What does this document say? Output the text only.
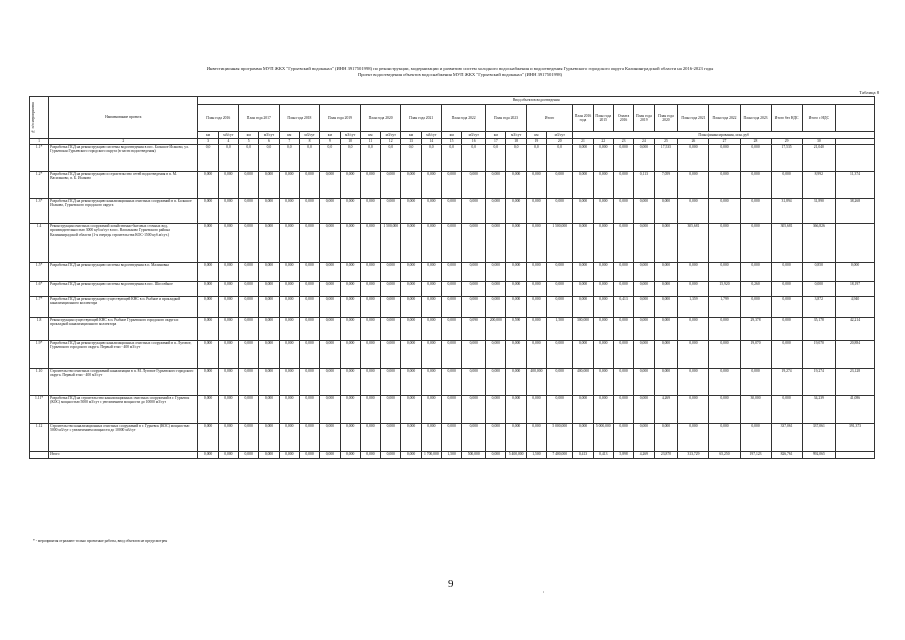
Инвестиционная программа МУП ЖКХ "Гурьевский водоканал" (ИНН 3917501998) по реконструкции, модернизации и развитию систем холодного водоснабжения и водоотведения Гурьевского городского округа Калининградской области на 2016-2023 годы
Проект водоотведения объектов водоснабжения МУП ЖКХ "Гурьевский водоканал" (ИНН 3917501998)
Таблица 8
№ п/п мероприятия	Наименование проекта	Ввод объектов водоотведения																												
		План года 2016		План года 2017		План года 2018		План года 2019		План года 2020		План года 2021		План года 2022		План года 2023		Итого		План 2016 года	План года 2015	Оплата 2016	План года 2019	План года 2020	План года 2021	План года 2022	План года 2023	Итого без НДС	Итого с НДС	
		км	м3/сут	км	м3/сут	км	м3/сут	км	м3/сут	км	м3/сут	км	м3/сут	км	м3/сут	км	м3/сут	км	м3/сут	План финансирования, млн. руб										
1	2	3	4	5	6	7	8	9	10	11	12	13	14	15	16	17	18	19	20	21	22	23	24	25	26	27	28	29	30	
1.1*	Разработка ПСД на реконструкцию системы водоотведения в пос. Большое Исаково, ул. Гурьевская Гурьевского городского округа (в части водоотведения)	0,0	0,0	0,0	0,0	0,0	0,0	0,0	0,0	0,0	0,0	0,0	0,0	0,0	0,0	0,0	0,0	0,0	0,0	0,000	0,000	0,000	0,000	17,535	0,000	0,000	0,000	17,535	21,040	
1.2*	Разработка ПСД на реконструкцию и строительство сетей водоотведения в п. М. Васильково, п. Б. Исаково	0,000	0,000	0,000	0,000	0,000	0,000	0,000	0,000	0,000	0,000	0,000	0,000	0,000	0,000	0,000	0,000	0,000	0,000	0,000	0,000	0,000	0,113	7,059	0,000	0,000	0,000	0,000	8,992	11,374
1.3*	Разработка ПСД на реконструкцию канализационных очистных сооружений в п. Большое Исаково, Гурьевского городского округа	0,000	0,000	0,000	0,000	0,000	0,000	0,000	0,000	0,000	0,000	0,000	0,000	0,000	0,000	0,000	0,000	0,000	0,000	0,000	0,000	0,000	0,000	0,000	0,000	0,000	0,000	31,894	31,890	38,268
1.4	Реконструкция очистных сооружений хозяйственно-бытовых сточных вод, производительностью 3000 куб.м/сут в пос. Васильково Гурьевского района Калининградской области (1-я очередь строительства КОС-1500 куб.м/сут.)	0,000	0,000	0,000	0,000	0,000	0,000	0,000	0,000	0,000	1 500,000	0,000	0,000	0,000	0,000	0,000	0,000	0,000	1 500,000	0,000	0,000	0,000	0,000	0,000	305,681	0,000	0,000	305,681	366,826	
1.5*	Разработка ПСД на реконструкцию системы водоотведения в п. Малиновка	0,000	0,000	0,000	0,000	0,000	0,000	0,000	0,000	0,000	0,000	0,000	0,000	0,000	0,000	0,000	0,000	0,000	0,000	0,000	0,000	0,000	0,000	0,000	0,000	0,000	0,000	0,000	0,850	0,000
1.6*	Разработка ПСД на реконструкцию системы водоотведения в пос. Шоссейное	0,000	0,000	0,000	0,000	0,000	0,000	0,000	0,000	0,000	0,000	0,000	0,000	0,000	0,000	0,000	0,000	0,000	0,000	0,000	0,000	0,000	0,000	0,000	0,000	15,920	0,260	0,000	0,000	18,197
1.7*	Разработка ПСД на реконструкцию существующей КНС в п. Рыбное и прокладкой канализационного коллектора	0,000	0,000	0,000	0,000	0,000	0,000	0,000	0,000	0,000	0,000	0,000	0,000	0,000	0,000	0,000	0,000	0,000	0,000	0,000	0,000	0,413	0,000	0,000	1,359	1,799	0,000	0,000	3,872	4,940
1.8	Реконструкция существующей КНС в п. Рыбное Гурьевского городского округа и прокладкой канализационного коллектора	0,000	0,000	0,000	0,000	0,000	0,000	0,000	0,000	0,000	0,000	0,000	0,000	0,000	0,090	200,000	0,590	0,000	1,500	300,000	0,000	0,000	0,000	0,000	0,000	0,000	29,378	0,000	35,178	42,214
1.9*	Разработка ПСД на реконструкцию канализационных очистных сооружений в п. Луговое, Гурьевского городского округа. Первый этап - 400 м3/сут	0,000	0,000	0,000	0,000	0,000	0,000	0,000	0,000	0,000	0,000	0,000	0,000	0,000	0,000	0,000	0,000	0,000	0,000	0,000	0,000	0,000	0,000	0,000	0,000	0,000	19,070	0,000	19,070	20,884
1.10	Строительство очистных сооружений канализации в п. М. Луговое Гурьевского городского округа. Первый этап - 400 м3/сут	0,000	0,000	0,000	0,000	0,000	0,000	0,000	0,000	0,000	0,000	0,000	0,000	0,000	0,000	0,000	0,000	400,000	0,000	400,000	0,000	0,000	0,000	0,000	0,000	0,000	0,000	19,274	19,274	23,128
1.11*	Разработка ПСД на строительство канализационных очистных сооружений в г. Гурьевск (КОС) мощностью 5000 м3/сут с увеличением мощности до 10000 м3/сут	0,000	0,000	0,000	0,000	0,000	0,000	0,000	0,000	0,000	0,000	0,000	0,000	0,000	0,000	0,000	0,000	0,000	0,000	0,000	0,000	0,000	0,000	4,269	0,000	0,000	30,000	0,000	34,239	41,086
1.12	Строительство канализационных очистных сооружений в г. Гурьевск (КОС) мощностью 5000 м3/сут с увеличением мощности до 10000 м3/сут	0,000	0,000	0,000	0,000	0,000	0,000	0,000	0,000	0,000	0,000	0,000	0,000	0,000	0,000	0,000	0,000	0,000	5 000,000	0,000	5 000,000	0,000	0,000	0,000	0,000	0,000	0,000	337,061	337,061	391,373
	Итого	0,000	0,000	0,000	0,000	0,000	0,000	0,000	0,000	0,000	0,000	0,000	1 700,000	1,500	500,000	0,000	5 400,000	1,500	7 400,000	0,413	0,413	5,898	4,269	23,870	313,729	65,250	197,123	826,761	992,065	
* - мероприятия отражают только проектные работы, ввод объектов не предусмотрен
9
,
